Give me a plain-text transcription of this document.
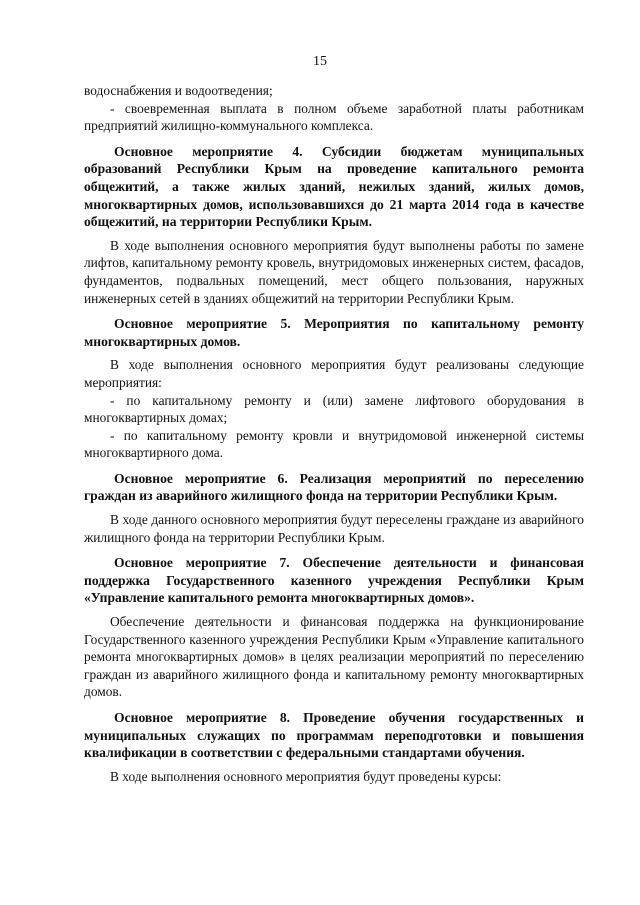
15

водоснабжения и водоотведения;

- своевременная выплата в полном объеме заработной платы работникам предприятий жилищно-коммунального комплекса.

Основное мероприятие 4. Субсидии бюджетам муниципальных образований Республики Крым на проведение капитального ремонта общежитий, а также жилых зданий, нежилых зданий, жилых домов, многоквартирных домов, использовавшихся до 21 марта 2014 года в качестве общежитий, на территории Республики Крым.

В ходе выполнения основного мероприятия будут выполнены работы по замене лифтов, капитальному ремонту кровель, внутридомовых инженерных систем, фасадов, фундаментов, подвальных помещений, мест общего пользования, наружных инженерных сетей в зданиях общежитий на территории Республики Крым.

Основное мероприятие 5. Мероприятия по капитальному ремонту многоквартирных домов.

В ходе выполнения основного мероприятия будут реализованы следующие мероприятия:

- по капитальному ремонту и (или) замене лифтового оборудования в многоквартирных домах;

- по капитальному ремонту кровли и внутридомовой инженерной системы многоквартирного дома.

Основное мероприятие 6. Реализация мероприятий по переселению граждан из аварийного жилищного фонда на территории Республики Крым.

В ходе данного основного мероприятия будут переселены граждане из аварийного жилищного фонда на территории Республики Крым.

Основное мероприятие 7. Обеспечение деятельности и финансовая поддержка Государственного казенного учреждения Республики Крым «Управление капитального ремонта многоквартирных домов».

Обеспечение деятельности и финансовая поддержка на функционирование Государственного казенного учреждения Республики Крым «Управление капитального ремонта многоквартирных домов» в целях реализации мероприятий по переселению граждан из аварийного жилищного фонда и капитальному ремонту многоквартирных домов.

Основное мероприятие 8. Проведение обучения государственных и муниципальных служащих по программам переподготовки и повышения квалификации в соответствии с федеральными стандартами обучения.

В ходе выполнения основного мероприятия будут проведены курсы:
